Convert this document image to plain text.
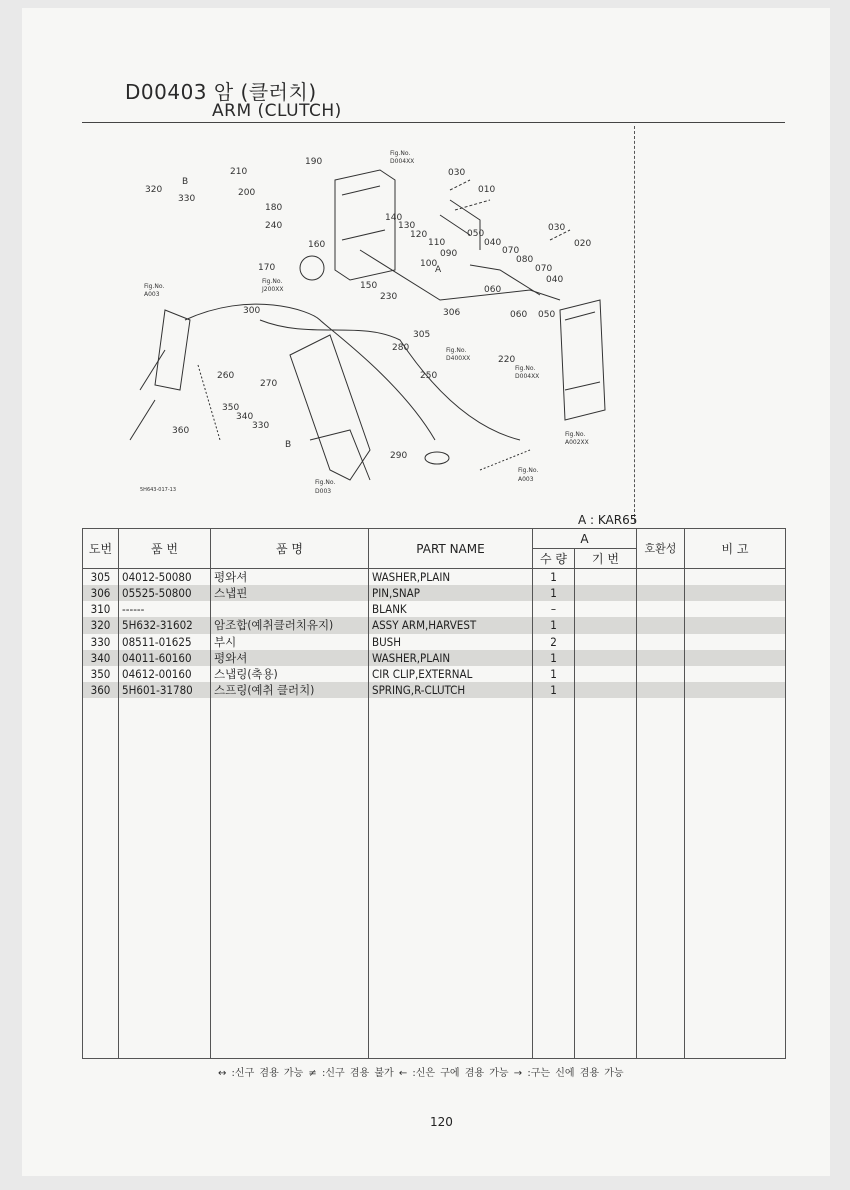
D00403 암 (클러치)
ARM (CLUTCH)
210
190
200
180
240
160
170
320
B
330
Fig.No.
D004XX
030
010
140
130
120
110
050
040
030
020
090	070
080
070
100
A
040
150
230
060
060 050
300	306
305
280	Fig.No.
D400XX	220
Fig.No.
D004XX
250
260
270
350
340
330
360
B
Fig.No.
A003
Fig.No.
J200XX
290
Fig.No.
A002XX
Fig.No.
A003
Fig.No.
D003
5H643-017-13
A : KAR65
도번	품 번	품 명	PART NAME	A		호환성	비 고
				수 량	기 번		
305	04012-50080	평와셔	WASHER,PLAIN	1			
306	05525-50800	스냅핀	PIN,SNAP	1			
310	------		BLANK	–			
320	5H632-31602	암조합(예취클러치유지)	ASSY ARM,HARVEST	1			
330	08511-01625	부시	BUSH	2			
340	04011-60160	평와셔	WASHER,PLAIN	1			
350	04612-00160	스냅링(축용)	CIR CLIP,EXTERNAL	1			
360	5H601-31780	스프링(예취 클러치)	SPRING,R-CLUTCH	1			

↔ :신구 겸용 가능 ≠ :신구 겸용 불가 ← :신은 구에 겸용 가능 → :구는 신에 겸용 가능
120
